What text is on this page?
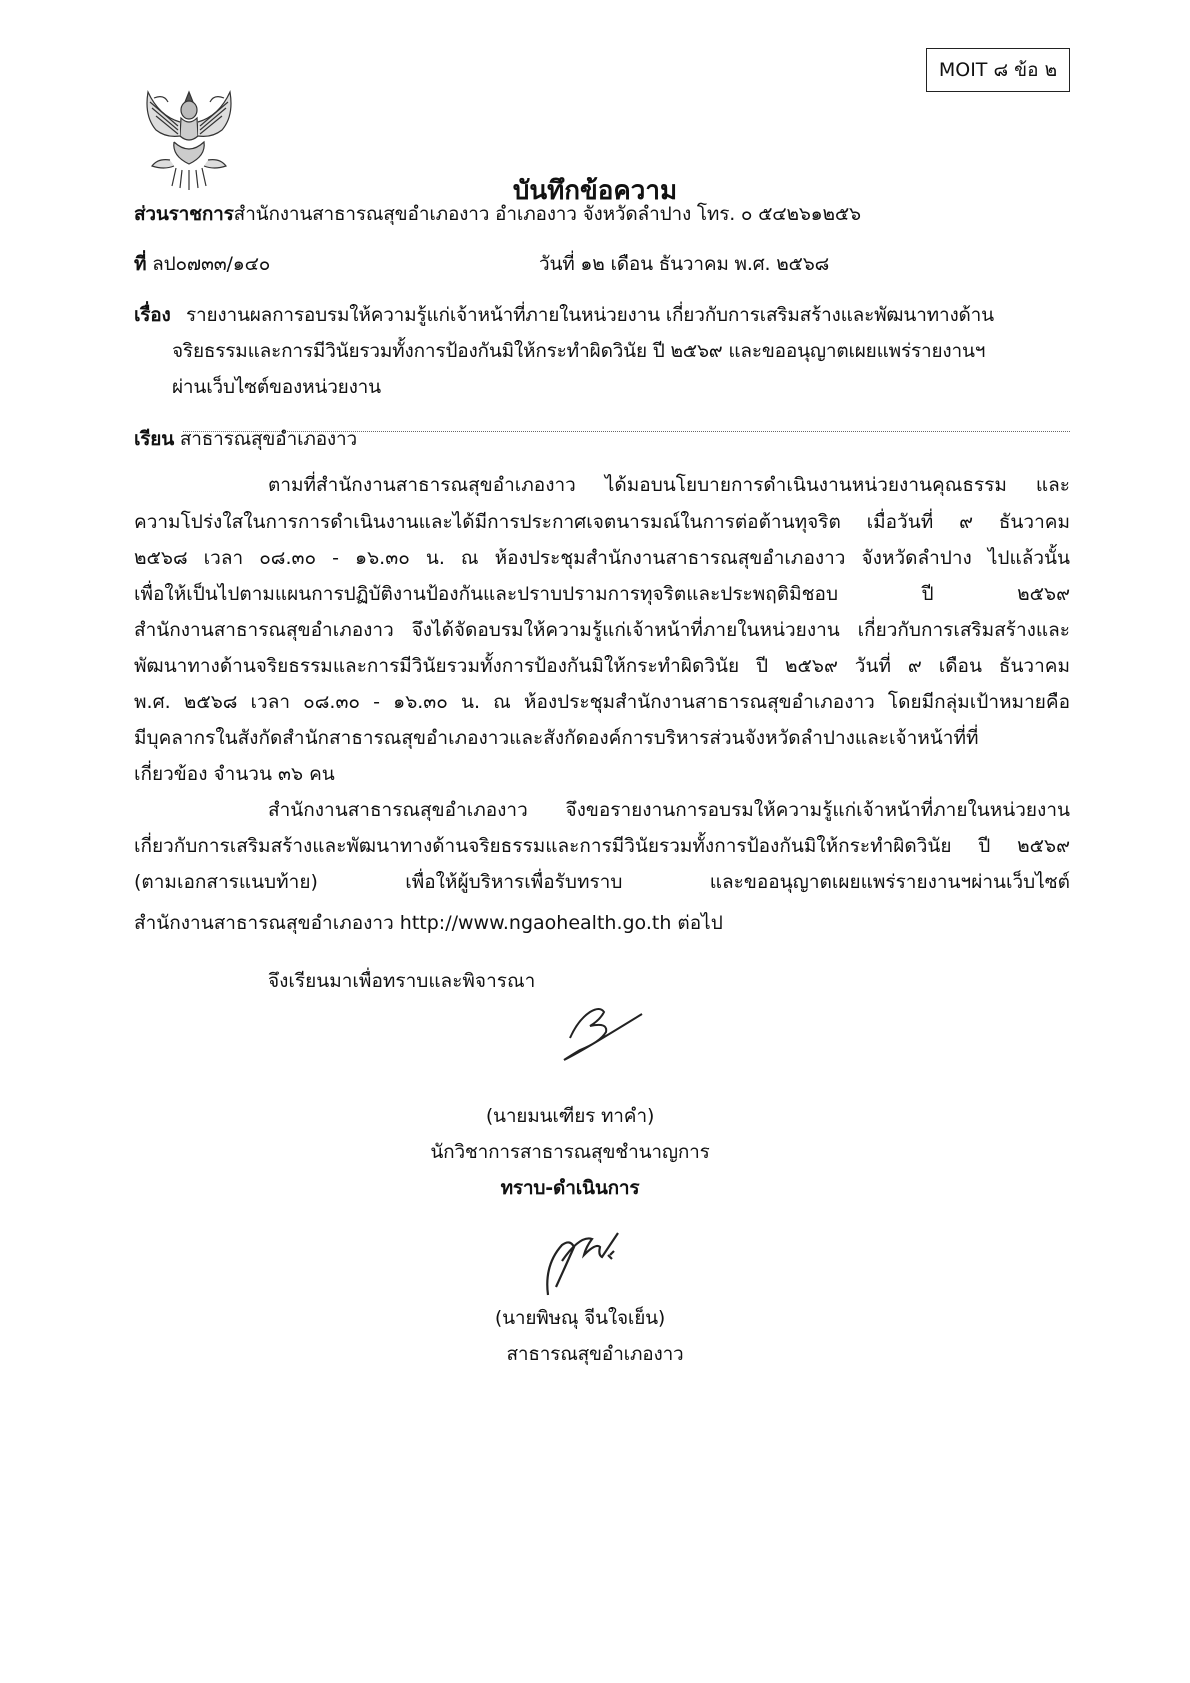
MOIT ๘ ข้อ ๒
บันทึกข้อความ
ส่วนราชการสำนักงานสาธารณสุขอำเภองาว อำเภองาว จังหวัดลำปาง โทร. ๐ ๕๔๒๖๑๒๕๖
ที่ ลป๐๗๓๓/๑๔๐	วันที่ ๑๒ เดือน ธันวาคม พ.ศ. ๒๕๖๘
เรื่อง รายงานผลการอบรมให้ความรู้แก่เจ้าหน้าที่ภายในหน่วยงาน เกี่ยวกับการเสริมสร้างและพัฒนาทางด้าน
จริยธรรมและการมีวินัยรวมทั้งการป้องกันมิให้กระทำผิดวินัย ปี ๒๕๖๙ และขออนุญาตเผยแพร่รายงานฯ
ผ่านเว็บไซต์ของหน่วยงาน
เรียน สาธารณสุขอำเภองาว
ตามที่สำนักงานสาธารณสุขอำเภองาว ได้มอบนโยบายการดำเนินงานหน่วยงานคุณธรรม และ
ความโปร่งใสในการการดำเนินงานและได้มีการประกาศเจตนารมณ์ในการต่อต้านทุจริต เมื่อวันที่ ๙ ธันวาคม
๒๕๖๘ เวลา ๐๘.๓๐ - ๑๖.๓๐ น. ณ ห้องประชุมสำนักงานสาธารณสุขอำเภองาว จังหวัดลำปาง ไปแล้วนั้น
เพื่อให้เป็นไปตามแผนการปฏิบัติงานป้องกันและปราบปรามการทุจริตและประพฤติมิชอบ ปี ๒๕๖๙
สำนักงานสาธารณสุขอำเภองาว จึงได้จัดอบรมให้ความรู้แก่เจ้าหน้าที่ภายในหน่วยงาน เกี่ยวกับการเสริมสร้างและ
พัฒนาทางด้านจริยธรรมและการมีวินัยรวมทั้งการป้องกันมิให้กระทำผิดวินัย ปี ๒๕๖๙ วันที่ ๙ เดือน ธันวาคม
พ.ศ. ๒๕๖๘ เวลา ๐๘.๓๐ - ๑๖.๓๐ น. ณ ห้องประชุมสำนักงานสาธารณสุขอำเภองาว โดยมีกลุ่มเป้าหมายคือ
มีบุคลากรในสังกัดสำนักสาธารณสุขอำเภองาวและสังกัดองค์การบริหารส่วนจังหวัดลำปางและเจ้าหน้าที่ที่
เกี่ยวข้อง จำนวน ๓๖ คน
สำนักงานสาธารณสุขอำเภองาว จึงขอรายงานการอบรมให้ความรู้แก่เจ้าหน้าที่ภายในหน่วยงาน
เกี่ยวกับการเสริมสร้างและพัฒนาทางด้านจริยธรรมและการมีวินัยรวมทั้งการป้องกันมิให้กระทำผิดวินัย ปี ๒๕๖๙
(ตามเอกสารแนบท้าย) เพื่อให้ผู้บริหารเพื่อรับทราบ และขออนุญาตเผยแพร่รายงานฯผ่านเว็บไซต์
สำนักงานสาธารณสุขอำเภองาว http://www.ngaohealth.go.th ต่อไป
จึงเรียนมาเพื่อทราบและพิจารณา
(นายมนเฑียร ทาคำ)
นักวิชาการสาธารณสุขชำนาญการ
ทราบ-ดำเนินการ
(นายพิษณุ จีนใจเย็น)
สาธารณสุขอำเภองาว
